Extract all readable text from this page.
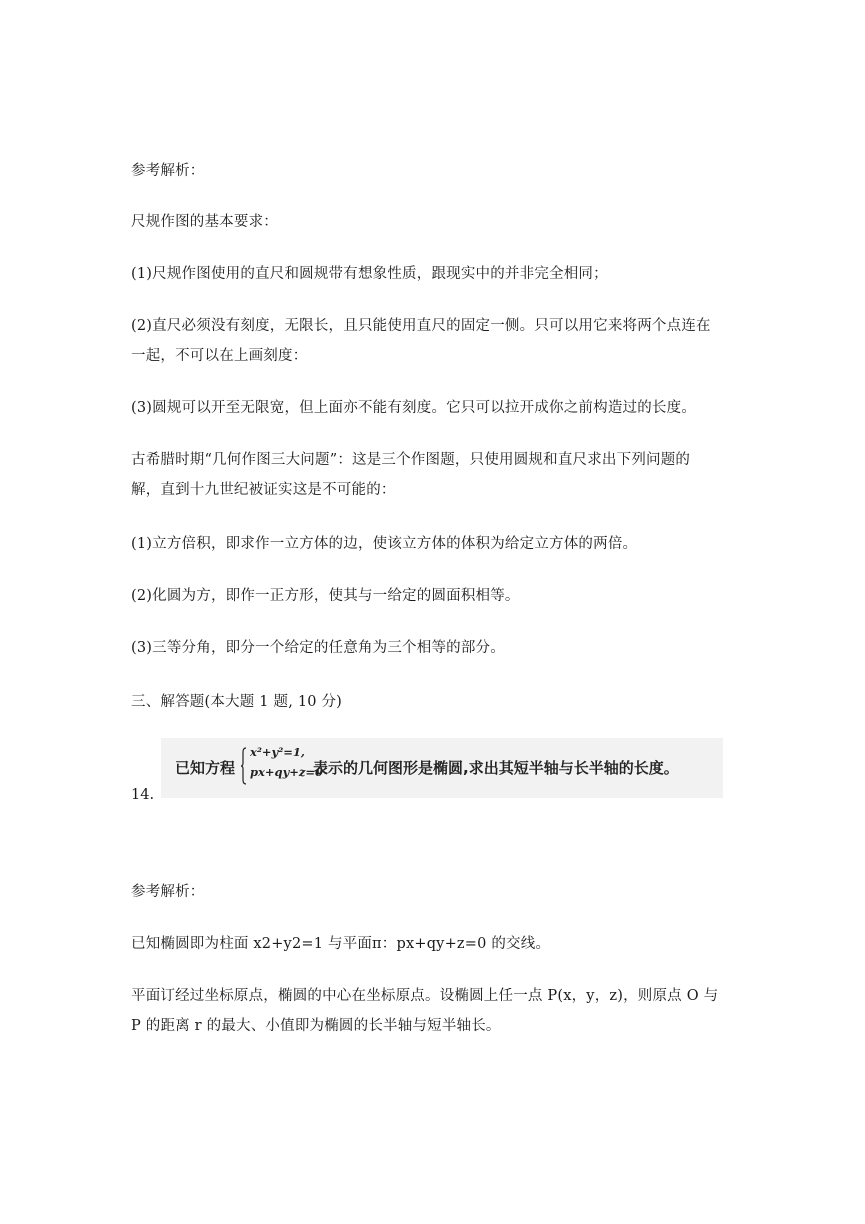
参考解析：
尺规作图的基本要求：
(1)尺规作图使用的直尺和圆规带有想象性质，跟现实中的并非完全相同；
(2)直尺必须没有刻度，无限长，且只能使用直尺的固定一侧。只可以用它来将两个点连在
一起，不可以在上画刻度：
(3)圆规可以开至无限宽，但上面亦不能有刻度。它只可以拉开成你之前构造过的长度。
古希腊时期“几何作图三大问题”：这是三个作图题，只使用圆规和直尺求出下列问题的
解，直到十九世纪被证实这是不可能的：
(1)立方倍积，即求作一立方体的边，使该立方体的体积为给定立方体的两倍。
(2)化圆为方，即作一正方形，使其与一给定的圆面积相等。
(3)三等分角，即分一个给定的任意角为三个相等的部分。
三、解答题(本大题 1 题, 10 分)
14.
已知方程
x²+y²=1,
px+qy+z=0
表示的几何图形是椭圆,求出其短半轴与长半轴的长度。
参考解析：
已知椭圆即为柱面 x2+y2=1 与平面π：px+qy+z=0 的交线。
平面订经过坐标原点，椭圆的中心在坐标原点。设椭圆上任一点 P(x，y，z)，则原点 O 与
P 的距离 r 的最大、小值即为椭圆的长半轴与短半轴长。
